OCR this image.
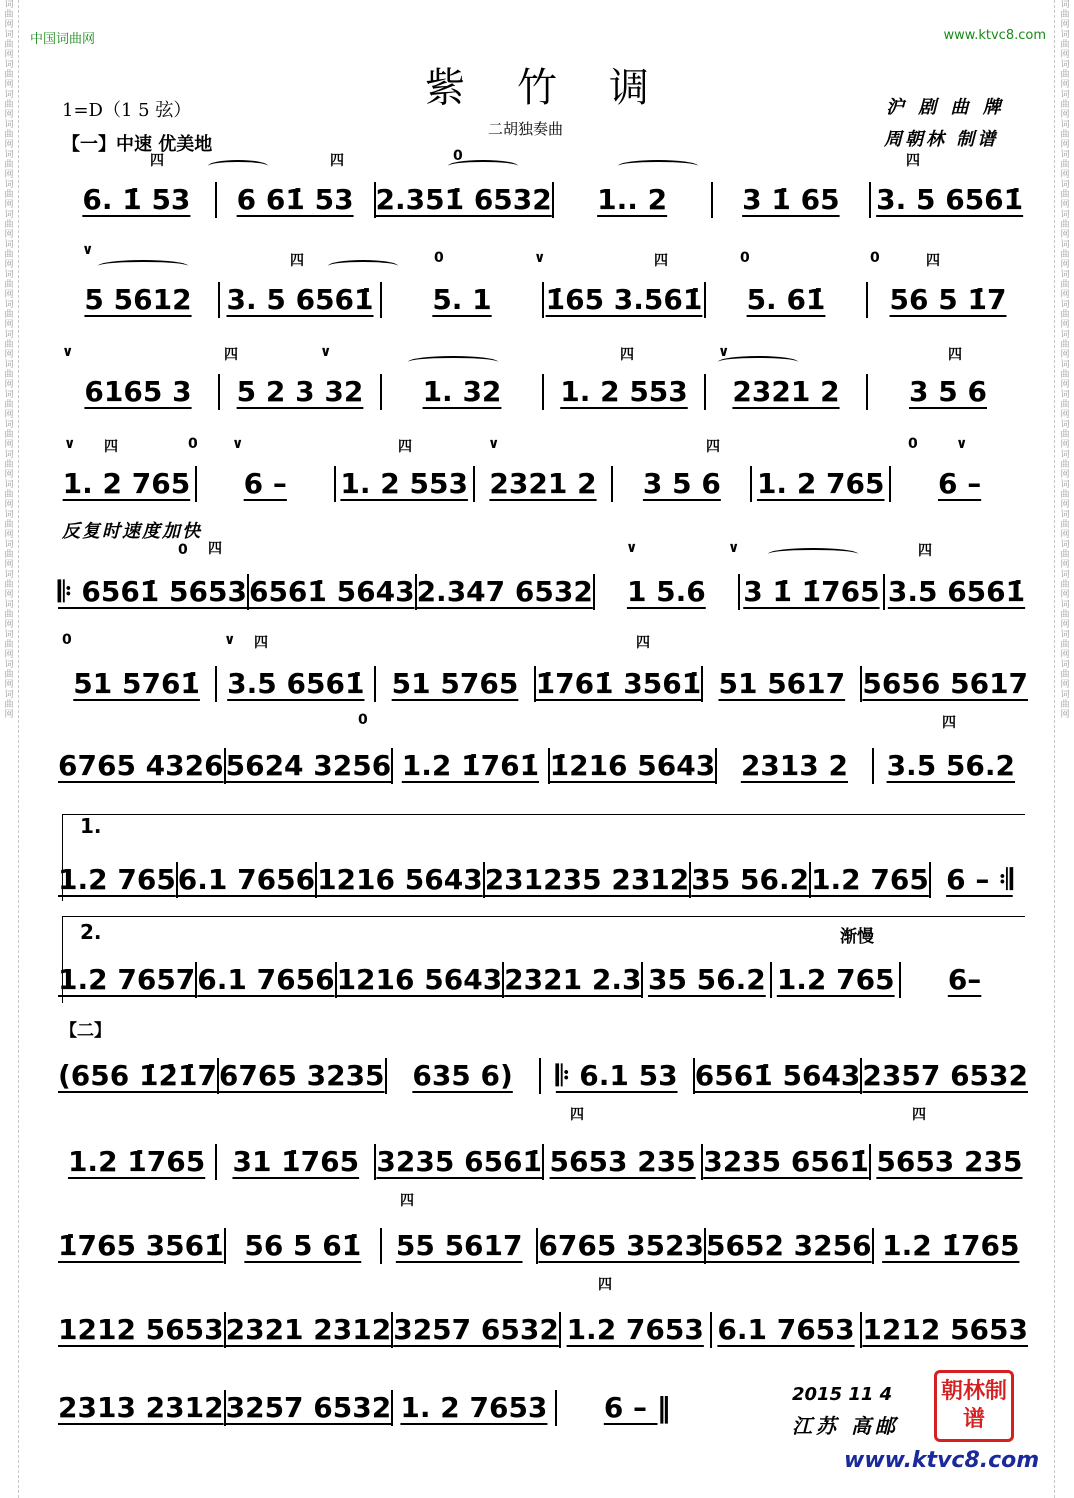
词曲网词曲网词曲网词曲网词曲网词曲网词曲网词曲网词曲网词曲网词曲网词曲网词曲网词曲网词曲网词曲网词曲网词曲网词曲网词曲网词曲网词曲网词曲网词曲网
词曲网词曲网词曲网词曲网词曲网词曲网词曲网词曲网词曲网词曲网词曲网词曲网词曲网词曲网词曲网词曲网词曲网词曲网词曲网词曲网词曲网词曲网词曲网词曲网
中国词曲网	www.ktvc8.com
紫竹调
1=D（1 5 弦）
二胡独奏曲
【一】中速 优美地
沪 剧 曲 牌
周朝林 制谱
四	四	0	四
∨
四	0	∨	四	0	0	四
∨	四	∨	四	∨	四
∨ 四	0 ∨	四	∨	四	0	∨
反复时速度加快
0 四	∨	∨	四
0	∨ 四	四
0	四
1.
2.	渐慢
【二】
四	四
四
四
6. 1̇ 53	6 61̇ 53 2.351̇ 6532	1.. 2	3 1̇ 65	3. 5 6561̇
5 5612	3. 5 6561̇	5. 1	1̇65 3.561̇	5. 61̇	56 5 1̇7
6165 3	5 2 3 32	1. 32	1. 2 553	2321 2	3 5 6
1. 2 765	6 –	1. 2 553 2321 2	3 5 6	1. 2 765	6 –
𝄆 6561̇ 5653 6561̇ 5643 2.347 6532	1 5.6	3 1̇ 1̇765 3.5 6561̇
51 5761̇ 3.5 6561̇ 51 5765 1̇761̇ 3561̇ 51 5617 5656 5617
6765 4326 5624 3256 1.2 1̇761̇ 1̇216 5643 2313 2	3.5 56.2
1.2 765 6.1 7656 1216 5643 231235 2312 35 56.2 1.2 765 6 – 𝄇
1.2 7657 6.1 7656 1216 5643 2321 2.3 35 56.2 1.2 765	6–
(656 1̇2̇1̇7 6765 3235 635 6)	𝄆 6.1 53 6561̇ 5643 2357 6532
1.2 1̇765 31 1̇765 3235 6561̇ 5653 235 3235 6561̇ 5653 235
1̇765 3561̇ 56 5 61̇	55 5617 6765 3523 5652 3256 1.2 1̇765
1212 5653 2321 2312 3257 6532 1.2 7653 6.1 7653 1212 5653
2313 2312 3257 6532 1. 2 7653	6 – ‖	2015 11 4
江苏 高邮
朝林制谱
www.ktvc8.com
